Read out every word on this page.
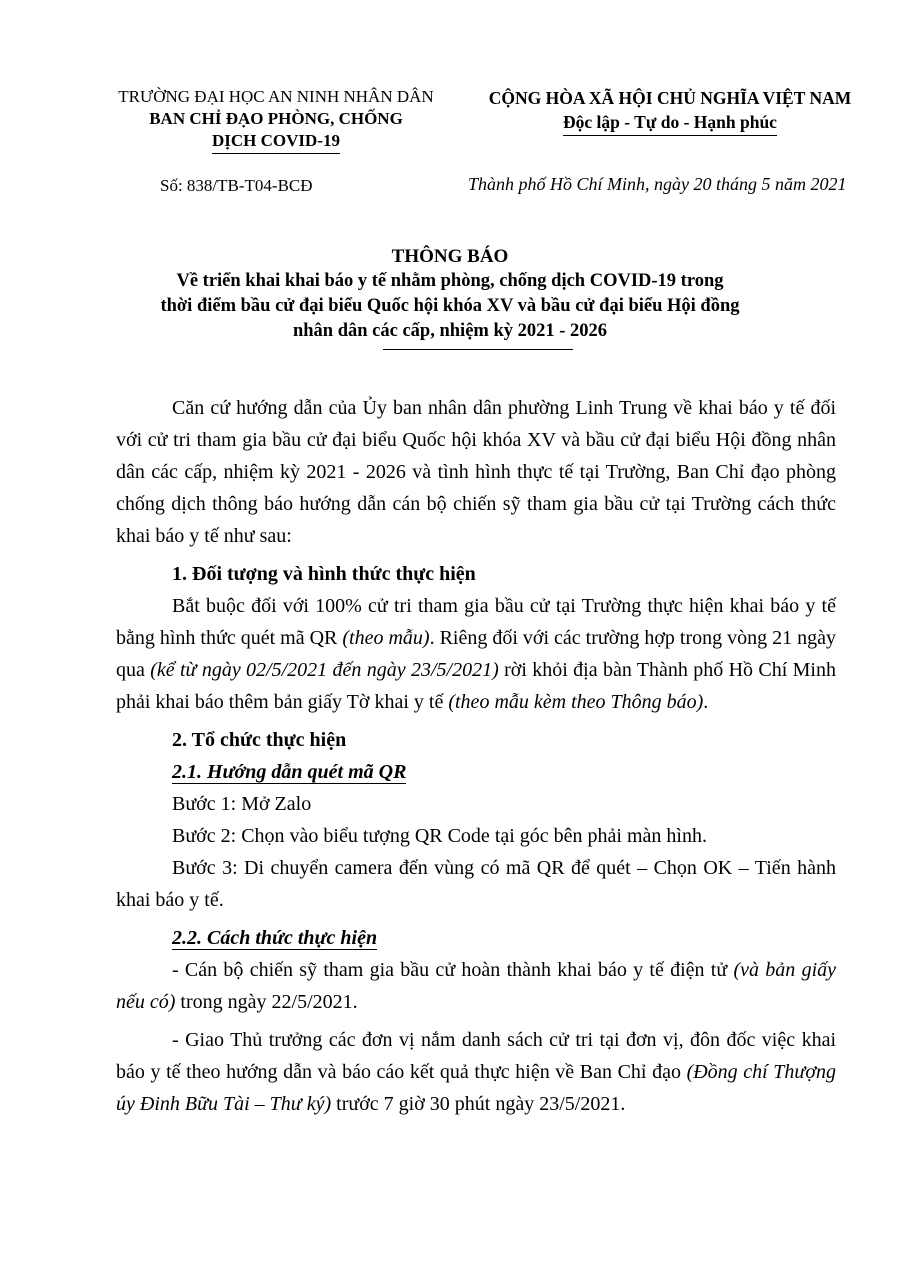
TRƯỜNG ĐẠI HỌC AN NINH NHÂN DÂN
BAN CHỈ ĐẠO PHÒNG, CHỐNG
DỊCH COVID-19
CỘNG HÒA XÃ HỘI CHỦ NGHĨA VIỆT NAM
Độc lập - Tự do - Hạnh phúc
Số: 838/TB-T04-BCĐ	Thành phố Hồ Chí Minh, ngày 20 tháng 5 năm 2021
THÔNG BÁO
Về triển khai khai báo y tế nhằm phòng, chống dịch COVID-19 trong
thời điểm bầu cử đại biểu Quốc hội khóa XV và bầu cử đại biểu Hội đồng
nhân dân các cấp, nhiệm kỳ 2021 - 2026

Căn cứ hướng dẫn của Ủy ban nhân dân phường Linh Trung về khai báo y tế đối với cử tri tham gia bầu cử đại biểu Quốc hội khóa XV và bầu cử đại biểu Hội đồng nhân dân các cấp, nhiệm kỳ 2021 - 2026 và tình hình thực tế tại Trường, Ban Chỉ đạo phòng chống dịch thông báo hướng dẫn cán bộ chiến sỹ tham gia bầu cử tại Trường cách thức khai báo y tế như sau:

1. Đối tượng và hình thức thực hiện

Bắt buộc đối với 100% cử tri tham gia bầu cử tại Trường thực hiện khai báo y tế bằng hình thức quét mã QR (theo mẫu). Riêng đối với các trường hợp trong vòng 21 ngày qua (kể từ ngày 02/5/2021 đến ngày 23/5/2021) rời khỏi địa bàn Thành phố Hồ Chí Minh phải khai báo thêm bản giấy Tờ khai y tế (theo mẫu kèm theo Thông báo).

2. Tổ chức thực hiện

2.1. Hướng dẫn quét mã QR

Bước 1: Mở Zalo

Bước 2: Chọn vào biểu tượng QR Code tại góc bên phải màn hình.

Bước 3: Di chuyển camera đến vùng có mã QR để quét – Chọn OK – Tiến hành khai báo y tế.

2.2. Cách thức thực hiện

- Cán bộ chiến sỹ tham gia bầu cử hoàn thành khai báo y tế điện tử (và bản giấy nếu có) trong ngày 22/5/2021.

- Giao Thủ trưởng các đơn vị nắm danh sách cử tri tại đơn vị, đôn đốc việc khai báo y tế theo hướng dẫn và báo cáo kết quả thực hiện về Ban Chỉ đạo (Đồng chí Thượng úy Đinh Bữu Tài – Thư ký) trước 7 giờ 30 phút ngày 23/5/2021.
